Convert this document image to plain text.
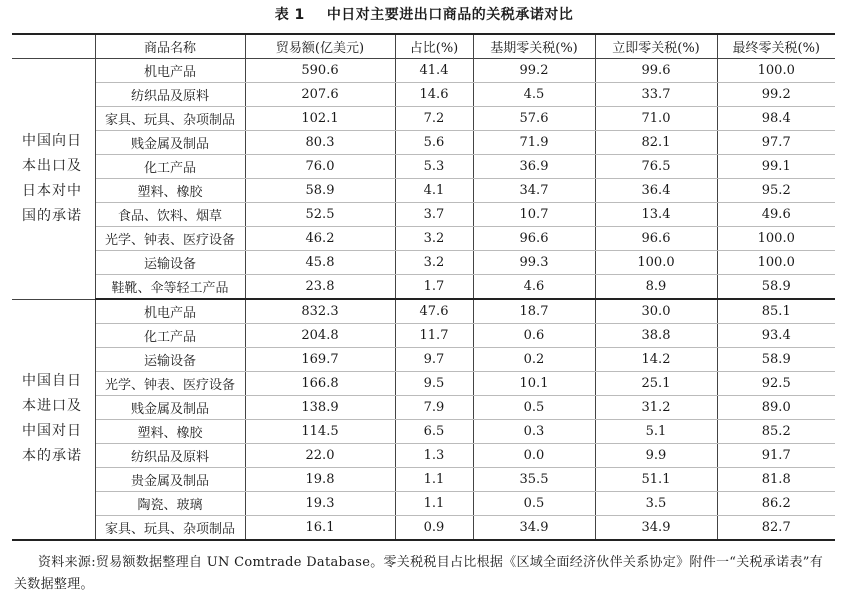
表 1 中日对主要进出口商品的关税承诺对比
	商品名称	贸易额(亿美元)	占比(%)	基期零关税(%)	立即零关税(%)	最终零关税(%)
中国向日本出口及日本对中国的承诺	机电产品	590.6	41.4	99.2	99.6	100.0
	纺织品及原料	207.6	14.6	4.5	33.7	99.2
	家具、玩具、杂项制品	102.1	7.2	57.6	71.0	98.4
	贱金属及制品	80.3	5.6	71.9	82.1	97.7
	化工产品	76.0	5.3	36.9	76.5	99.1
	塑料、橡胶	58.9	4.1	34.7	36.4	95.2
	食品、饮料、烟草	52.5	3.7	10.7	13.4	49.6
	光学、钟表、医疗设备	46.2	3.2	96.6	96.6	100.0
	运输设备	45.8	3.2	99.3	100.0	100.0
	鞋靴、伞等轻工产品	23.8	1.7	4.6	8.9	58.9
中国自日本进口及中国对日本的承诺	机电产品	832.3	47.6	18.7	30.0	85.1
	化工产品	204.8	11.7	0.6	38.8	93.4
	运输设备	169.7	9.7	0.2	14.2	58.9
	光学、钟表、医疗设备	166.8	9.5	10.1	25.1	92.5
	贱金属及制品	138.9	7.9	0.5	31.2	89.0
	塑料、橡胶	114.5	6.5	0.3	5.1	85.2
	纺织品及原料	22.0	1.3	0.0	9.9	91.7
	贵金属及制品	19.8	1.1	35.5	51.1	81.8
	陶瓷、玻璃	19.3	1.1	0.5	3.5	86.2
	家具、玩具、杂项制品	16.1	0.9	34.9	34.9	82.7
资料来源:贸易额数据整理自 UN Comtrade Database。零关税税目占比根据《区域全面经济伙伴关系协定》附件一“关税承诺表”有关数据整理。
